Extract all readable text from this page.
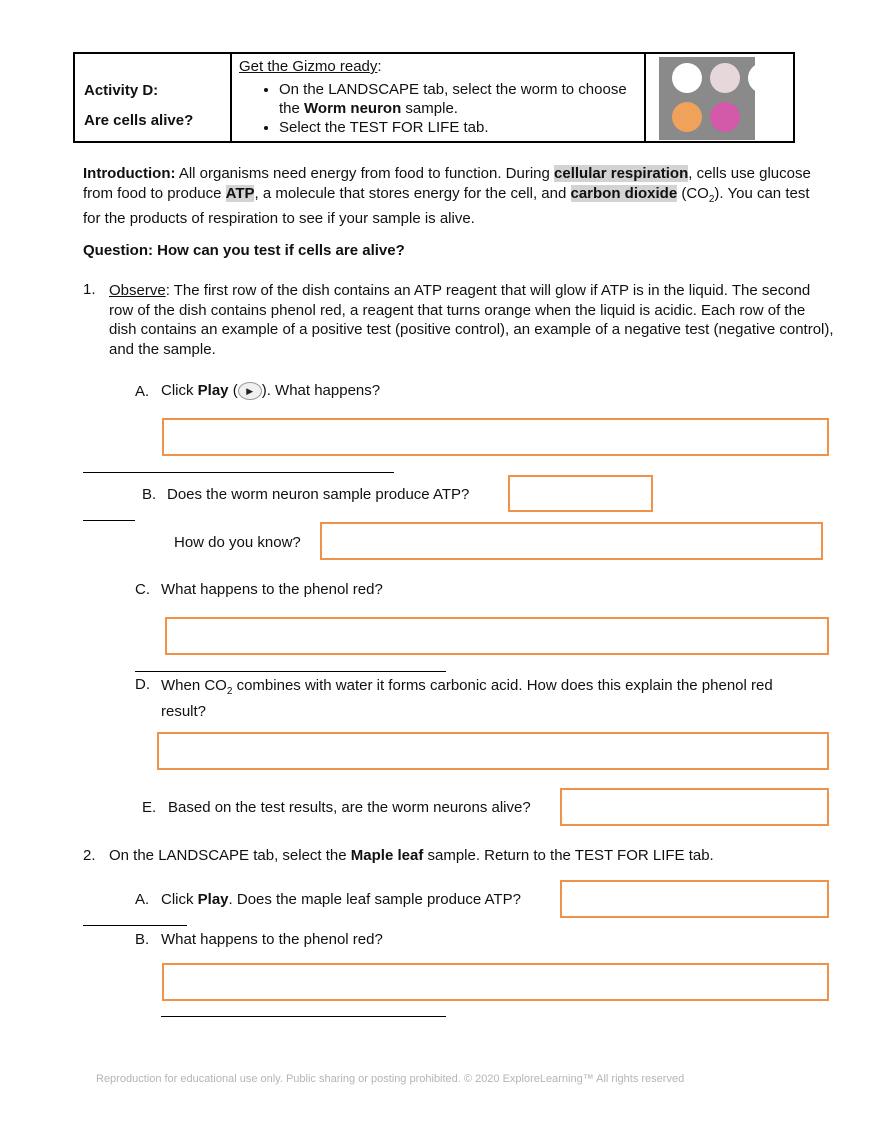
Activity D:
Are cells alive?

Get the Gizmo ready:
• On the LANDSCAPE tab, select the worm to choose the Worm neuron sample.
• Select the TEST FOR LIFE tab.

Introduction: All organisms need energy from food to function. During cellular respiration, cells use glucose from food to produce ATP, a molecule that stores energy for the cell, and carbon dioxide $(CO_2)$. You can test for the products of respiration to see if your sample is alive.

Question: How can you test if cells are alive?

1. Observe: The first row of the dish contains an ATP reagent that will glow if ATP is in the liquid. The second row of the dish contains phenol red, a reagent that turns orange when the liquid is acidic. Each row of the dish contains an example of a positive test (positive control), an example of a negative test (negative control), and the sample.

A. Click Play ( ▶ ). What happens?

B. Does the worm neuron sample produce ATP?
How do you know?
C. What happens to the phenol red?
D. When $CO_2$ combines with water it forms carbonic acid. How does this explain the phenol red result?

E. Based on the test results, are the worm neurons alive?
2. On the LANDSCAPE tab, select the Maple leaf sample. Return to the TEST FOR LIFE tab.

A. Click Play. Does the maple leaf sample produce ATP?

B. What happens to the phenol red?
Reproduction for educational use only. Public sharing or posting prohibited. © 2020 ExploreLearning™ All rights reserved
